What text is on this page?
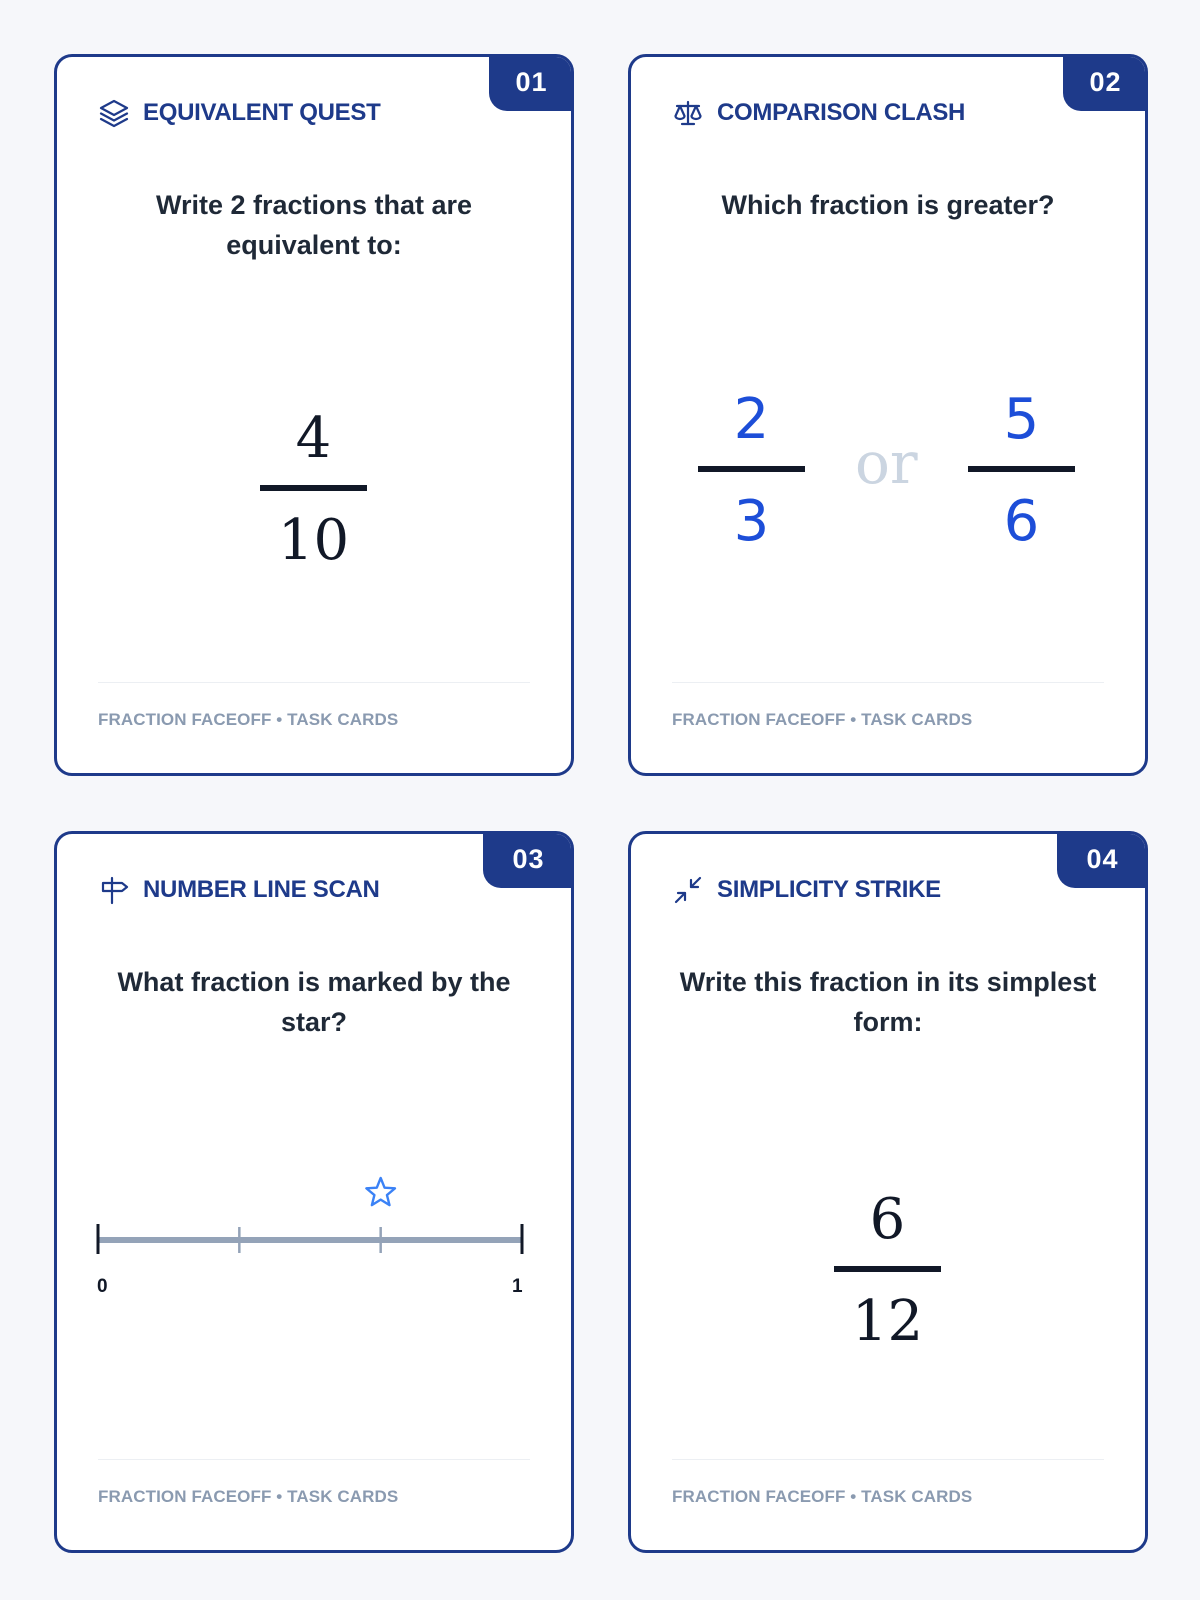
01
EQUIVALENT QUEST
Write 2 fractions that are equivalent to:
4
10
FRACTION FACEOFF • TASK CARDS
02
COMPARISON CLASH
Which fraction is greater?
2
3
or
5
6
FRACTION FACEOFF • TASK CARDS
03
NUMBER LINE SCAN
What fraction is marked by the star?
0	1
FRACTION FACEOFF • TASK CARDS
04
SIMPLICITY STRIKE
Write this fraction in its simplest form:
6
12
FRACTION FACEOFF • TASK CARDS
